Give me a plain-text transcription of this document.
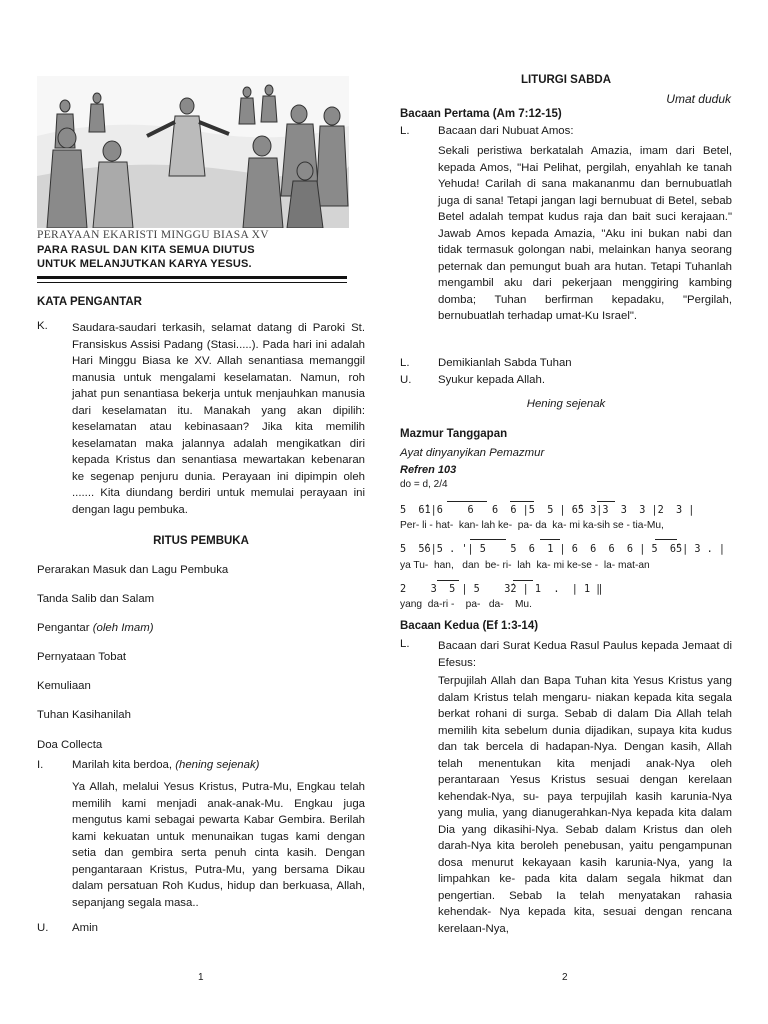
PERAYAAN EKARISTI MINGGU BIASA XV
PARA RASUL DAN KITA SEMUA DIUTUS
UNTUK MELANJUTKAN KARYA YESUS.
KATA PENGANTAR
K. Saudara-saudari terkasih, selamat datang di Paroki St. Fransiskus Assisi Padang (Stasi.....). Pada hari ini adalah Hari Minggu Biasa ke XV. Allah senantiasa memanggil manusia untuk mengalami keselamatan. Namun, roh jahat pun senantiasa bekerja untuk menjauhkan manusia dari keselamatan itu. Manakah yang akan dipilih: keselamatan atau kebinasaan? Jika kita memilih keselamatan maka jalannya adalah mengikatkan diri kepada Kristus dan senantiasa mewartakan kebenaran ke segenap penjuru dunia. Perayaan ini dipimpin oleh ....... Kita diundang berdiri untuk memulai perayaan ini dengan lagu pembuka.
RITUS PEMBUKA
Perarakan Masuk dan Lagu Pembuka
Tanda Salib dan Salam
Pengantar (oleh Imam)
Pernyataan Tobat
Kemuliaan
Tuhan Kasihanilah
Doa Collecta
I.	Marilah kita berdoa, (hening sejenak)
Ya Allah, melalui Yesus Kristus, Putra-Mu, Engkau telah memilih kami menjadi anak-anak-Mu. Engkau juga mengutus kami sebagai pewarta Kabar Gembira. Berilah kami kekuatan untuk menunaikan tugas kami dengan setia dan gembira serta penuh cinta kasih. Dengan pengantaraan Kristus, Putra-Mu, yang bersama Dikau dalam persatuan Roh Kudus, hidup dan berkuasa, Allah, sepanjang segala masa..
U. Amin
1
LITURGI SABDA
Umat duduk
Bacaan Pertama (Am 7:12-15)
L.	Bacaan dari Nubuat Amos:
Sekali peristiwa berkatalah Amazia, imam dari Betel, kepada Amos, "Hai Pelihat, pergilah, enyahlah ke tanah Yehuda! Carilah di sana makananmu dan bernubuatlah juga di sana! Tetapi jangan lagi bernubuat di Betel, sebab Betel adalah tempat kudus raja dan bait suci kerajaan." Jawab Amos kepada Amazia, "Aku ini bukan nabi dan tidak termasuk golongan nabi, melainkan hanya seorang peternak dan pemungut buah ara hutan. Tetapi Tuhanlah mengambil aku dari pekerjaan menggiring kambing domba; Tuhan berfirman kepadaku, "Pergilah, bernubuatlah terhadap umat-Ku Israel".
L.	Demikianlah Sabda Tuhan
U. Syukur kepada Allah.
Hening sejenak
Mazmur Tanggapan
Ayat dinyanyikan Pemazmur
Refren 103
do = d, 2/4
5  6̂1|6    6   6  6 |5  5 | 6̂5 3|3  3  3 |2  3 |
Per- li - hat-  kan- lah ke-  pa- da  ka- mi ka-sih se - tia-Mu,
5  5̂6|5 . '| 5    5  6  1 | 6  6  6  6 | 5  6̂5| 3 . |
ya Tu-  han,   dan  be- ri-  lah  ka- mi ke-se -  la- mat-an
2    3  5 | 5    3̂2 | 1  .  | 1 ‖
yang  da-ri -    pa-   da-    Mu.
Bacaan Kedua (Ef 1:3-14)
L.	Bacaan dari Surat Kedua Rasul Paulus kepada Jemaat di Efesus:
Terpujilah Allah dan Bapa Tuhan kita Yesus Kristus yang dalam Kristus telah mengaru- niakan kepada kita segala berkat rohani di surga. Sebab di dalam Dia Allah telah memilih kita sebelum dunia dijadikan, supaya kita kudus dan tak bercela di hadapan-Nya. Dengan kasih, Allah telah menentukan kita menjadi anak-Nya oleh perantaraan Yesus Kristus sesuai dengan kerelaan kehendak-Nya, su- paya terpujilah kasih karunia-Nya yang mulia, yang dianugerahkan-Nya kepada kita dalam Dia yang dikasihi-Nya. Sebab dalam Kristus dan oleh darah-Nya kita beroleh penebusan, yaitu pengampunan dosa menurut kekayaan kasih karunia-Nya, yang Ia limpahkan ke- pada kita dalam segala hikmat dan pengertian. Sebab Ia telah menyatakan rahasia kehendak- Nya kepada kita, sesuai dengan rencana kerelaan-Nya,
2
